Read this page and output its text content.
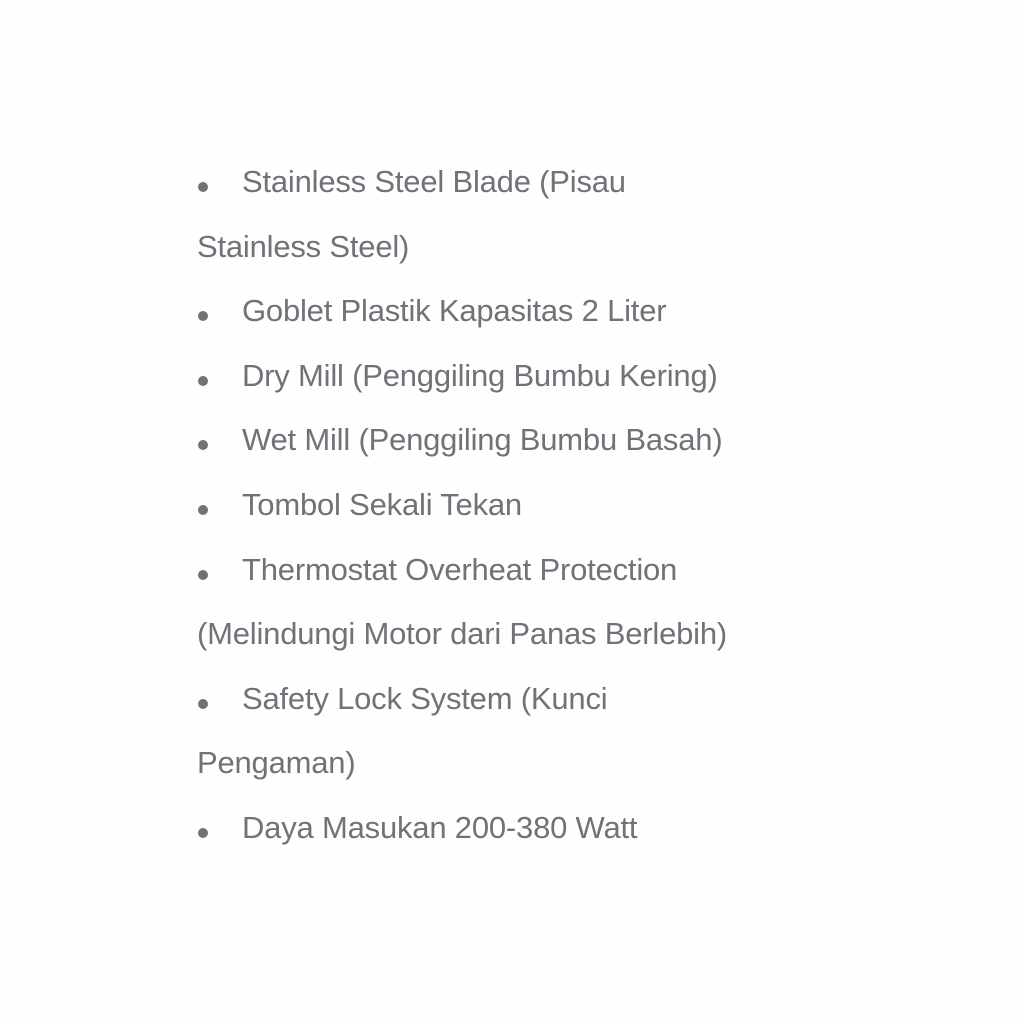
Stainless Steel Blade (Pisau
Stainless Steel)
Goblet Plastik Kapasitas 2 Liter
Dry Mill (Penggiling Bumbu Kering)
Wet Mill (Penggiling Bumbu Basah)
Tombol Sekali Tekan
Thermostat Overheat Protection
(Melindungi Motor dari Panas Berlebih)
Safety Lock System (Kunci
Pengaman)
Daya Masukan 200-380 Watt
